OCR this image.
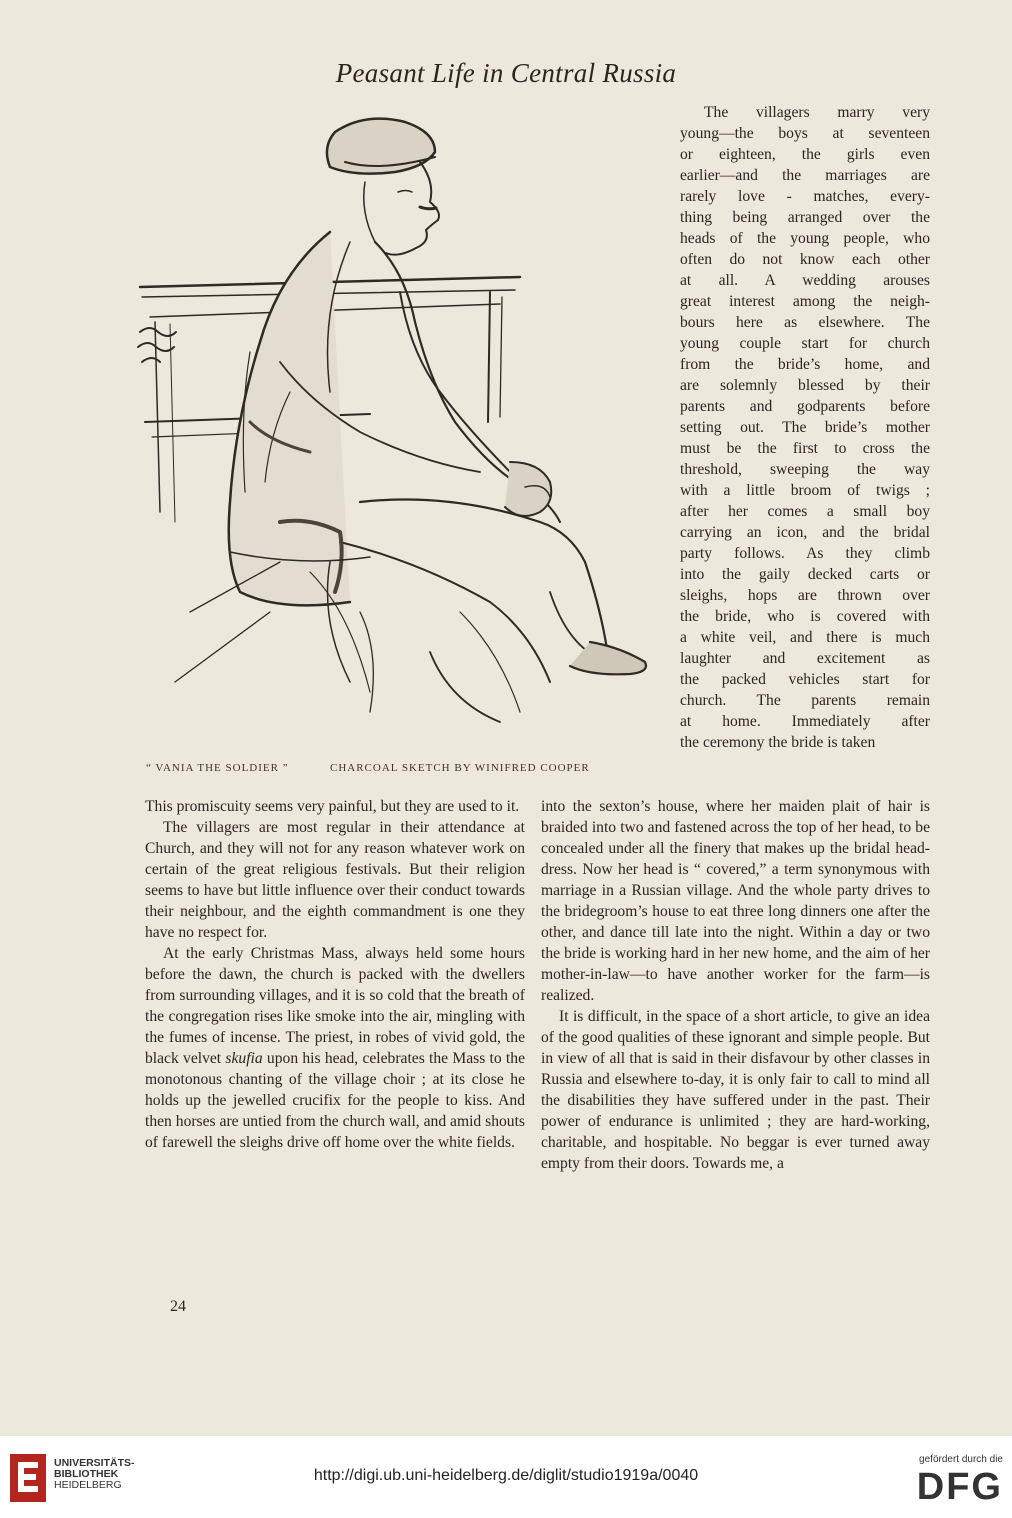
Peasant Life in Central Russia
“ VANIA THE SOLDIER ”	CHARCOAL SKETCH BY WINIFRED COOPER
The villagers marry very
young—the boys at seventeen
or eighteen, the girls even
earlier—and the marriages are
rarely love - matches, every-
thing being arranged over the
heads of the young people, who
often do not know each other
at all. A wedding arouses
great interest among the neigh-
bours here as elsewhere. The
young couple start for church
from the bride’s home, and
are solemnly blessed by their
parents and godparents before
setting out. The bride’s mother
must be the first to cross the
threshold, sweeping the way
with a little broom of twigs ;
after her comes a small boy
carrying an icon, and the bridal
party follows. As they climb
into the gaily decked carts or
sleighs, hops are thrown over
the bride, who is covered with
a white veil, and there is much
laughter and excitement as
the packed vehicles start for
church. The parents remain
at home. Immediately after
the ceremony the bride is taken

This promiscuity seems very painful, but they are used to it.

The villagers are most regular in their attendance at Church, and they will not for any reason whatever work on certain of the great religious festivals. But their religion seems to have but little influence over their conduct towards their neighbour, and the eighth commandment is one they have no respect for.

At the early Christmas Mass, always held some hours before the dawn, the church is packed with the dwellers from surrounding villages, and it is so cold that the breath of the congregation rises like smoke into the air, mingling with the fumes of incense. The priest, in robes of vivid gold, the black velvet skufia upon his head, celebrates the Mass to the monotonous chanting of the village choir ; at its close he holds up the jewelled crucifix for the people to kiss. And then horses are untied from the church wall, and amid shouts of farewell the sleighs drive off home over the white fields.

into the sexton’s house, where her maiden plait of hair is braided into two and fastened across the top of her head, to be concealed under all the finery that makes up the bridal head-dress. Now her head is “ covered,” a term synonymous with marriage in a Russian village. And the whole party drives to the bridegroom’s house to eat three long dinners one after the other, and dance till late into the night. Within a day or two the bride is working hard in her new home, and the aim of her mother-in-law—to have another worker for the farm—is realized.

It is difficult, in the space of a short article, to give an idea of the good qualities of these ignorant and simple people. But in view of all that is said in their disfavour by other classes in Russia and elsewhere to-day, it is only fair to call to mind all the disabilities they have suffered under in the past. Their power of endurance is unlimited ; they are hard-working, charitable, and hospitable. No beggar is ever turned away empty from their doors. Towards me, a

24
UNIVERSITÄTS-
BIBLIOTHEK
HEIDELBERG
http://digi.ub.uni-heidelberg.de/diglit/studio1919a/0040
gefördert durch die
DFG
